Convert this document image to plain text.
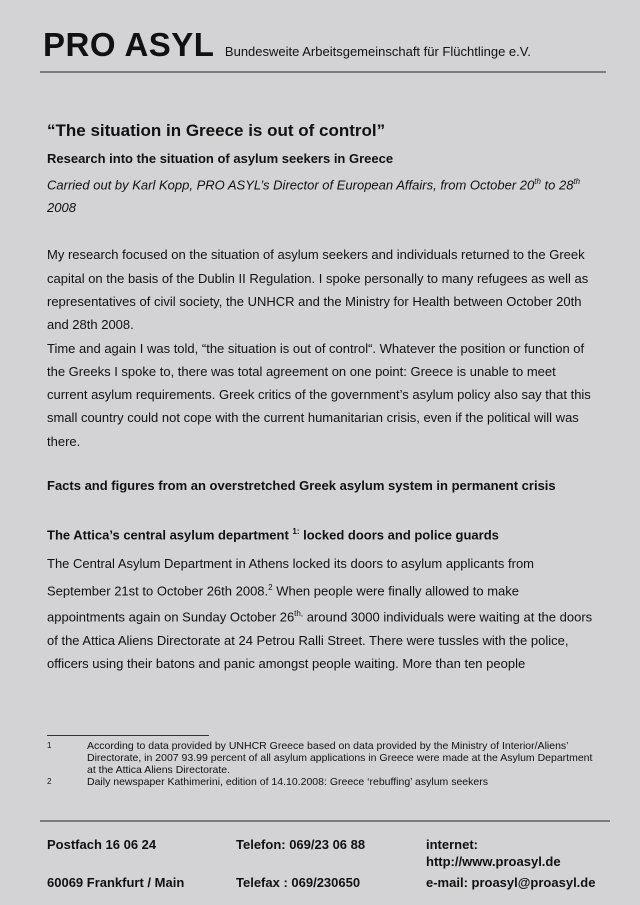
PRO ASYL Bundesweite Arbeitsgemeinschaft für Flüchtlinge e.V.
“The situation in Greece is out of control”
Research into the situation of asylum seekers in Greece
Carried out by Karl Kopp, PRO ASYL’s Director of European Affairs, from October 20th to 28th 2008
My research focused on the situation of asylum seekers and individuals returned to the Greek capital on the basis of the Dublin II Regulation. I spoke personally to many refugees as well as representatives of civil society, the UNHCR and the Ministry for Health between October 20th and 28th 2008.
Time and again I was told, “the situation is out of control“. Whatever the position or function of the Greeks I spoke to, there was total agreement on one point: Greece is unable to meet current asylum requirements. Greek critics of the government’s asylum policy also say that this small country could not cope with the current humanitarian crisis, even if the political will was there.
Facts and figures from an overstretched Greek asylum system in permanent crisis
The Attica’s central asylum department $^{1:}$ locked doors and police guards
The Central Asylum Department in Athens locked its doors to asylum applicants from September 21st to October 26th 2008.$^2$ When people were finally allowed to make appointments again on Sunday October $26^{th,}$ around 3000 individuals were waiting at the doors of the Attica Aliens Directorate at 24 Petrou Ralli Street. There were tussles with the police, officers using their batons and panic amongst people waiting. More than ten people
1	According to data provided by UNHCR Greece based on data provided by the Ministry of Interior/Aliens’ Directorate, in 2007 93.99 percent of all asylum applications in Greece were made at the Asylum Department at the Attica Aliens Directorate.
2	Daily newspaper Kathimerini, edition of 14.10.2008: Greece ‘rebuffing’ asylum seekers
Postfach 16 06 24	Telefon: 069/23 06 88	internet:
http://www.proasyl.de
60069 Frankfurt / Main	Telefax : 069/230650	e-mail: proasyl@proasyl.de
